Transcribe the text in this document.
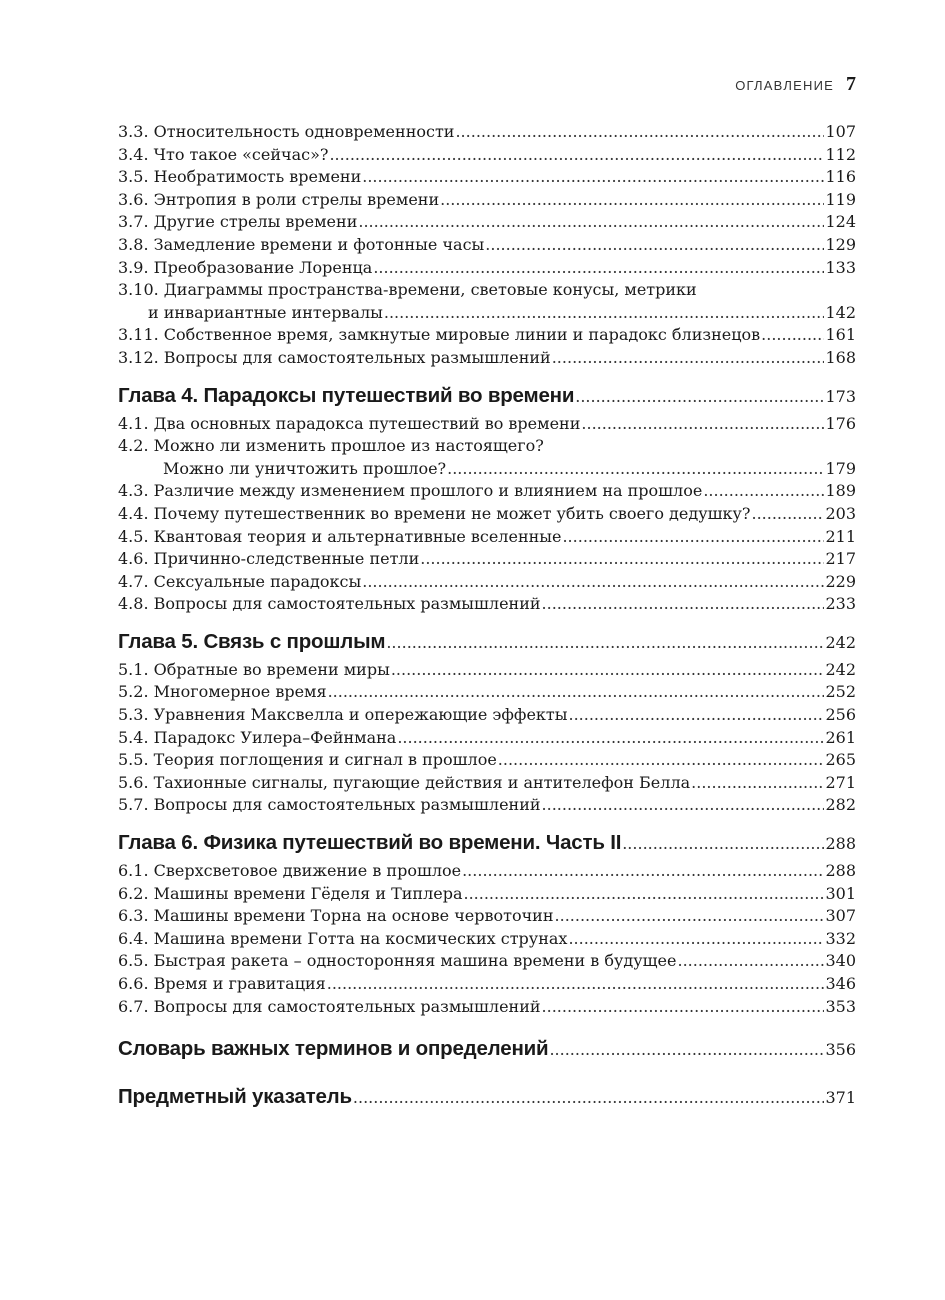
ОГЛАВЛЕНИЕ 7
3.3. Относительность одновременности .....	107
3.4. Что такое «сейчас»? .....	112
3.5. Необратимость времени .....	116
3.6. Энтропия в роли стрелы времени .....	119
3.7. Другие стрелы времени .....	124
3.8. Замедление времени и фотонные часы .....	129
3.9. Преобразование Лоренца .....	133
3.10. Диаграммы пространства-времени, световые конусы, метрики
и инвариантные интервалы .....	142
3.11. Собственное время, замкнутые мировые линии и парадокс близнецов .....	161
3.12. Вопросы для самостоятельных размышлений .....	168
Глава 4. Парадоксы путешествий во времени .....	173
4.1. Два основных парадокса путешествий во времени .....	176
4.2. Можно ли изменить прошлое из настоящего?
Можно ли уничтожить прошлое? .....	179
4.3. Различие между изменением прошлого и влиянием на прошлое .....	189
4.4. Почему путешественник во времени не может убить своего дедушку? .....	203
4.5. Квантовая теория и альтернативные вселенные .....	211
4.6. Причинно-следственные петли .....	217
4.7. Сексуальные парадоксы .....	229
4.8. Вопросы для самостоятельных размышлений .....	233
Глава 5. Связь с прошлым .....	242
5.1. Обратные во времени миры .....	242
5.2. Многомерное время .....	252
5.3. Уравнения Максвелла и опережающие эффекты .....	256
5.4. Парадокс Уилера–Фейнмана .....	261
5.5. Теория поглощения и сигнал в прошлое .....	265
5.6. Тахионные сигналы, пугающие действия и антителефон Белла .....	271
5.7. Вопросы для самостоятельных размышлений .....	282
Глава 6. Физика путешествий во времени. Часть II .....	288
6.1. Сверхсветовое движение в прошлое .....	288
6.2. Машины времени Гёделя и Типлера .....	301
6.3. Машины времени Торна на основе червоточин .....	307
6.4. Машина времени Готта на космических струнах .....	332
6.5. Быстрая ракета – односторонняя машина времени в будущее .....	340
6.6. Время и гравитация .....	346
6.7. Вопросы для самостоятельных размышлений .....	353
Словарь важных терминов и определений .....	356
Предметный указатель .....	371
